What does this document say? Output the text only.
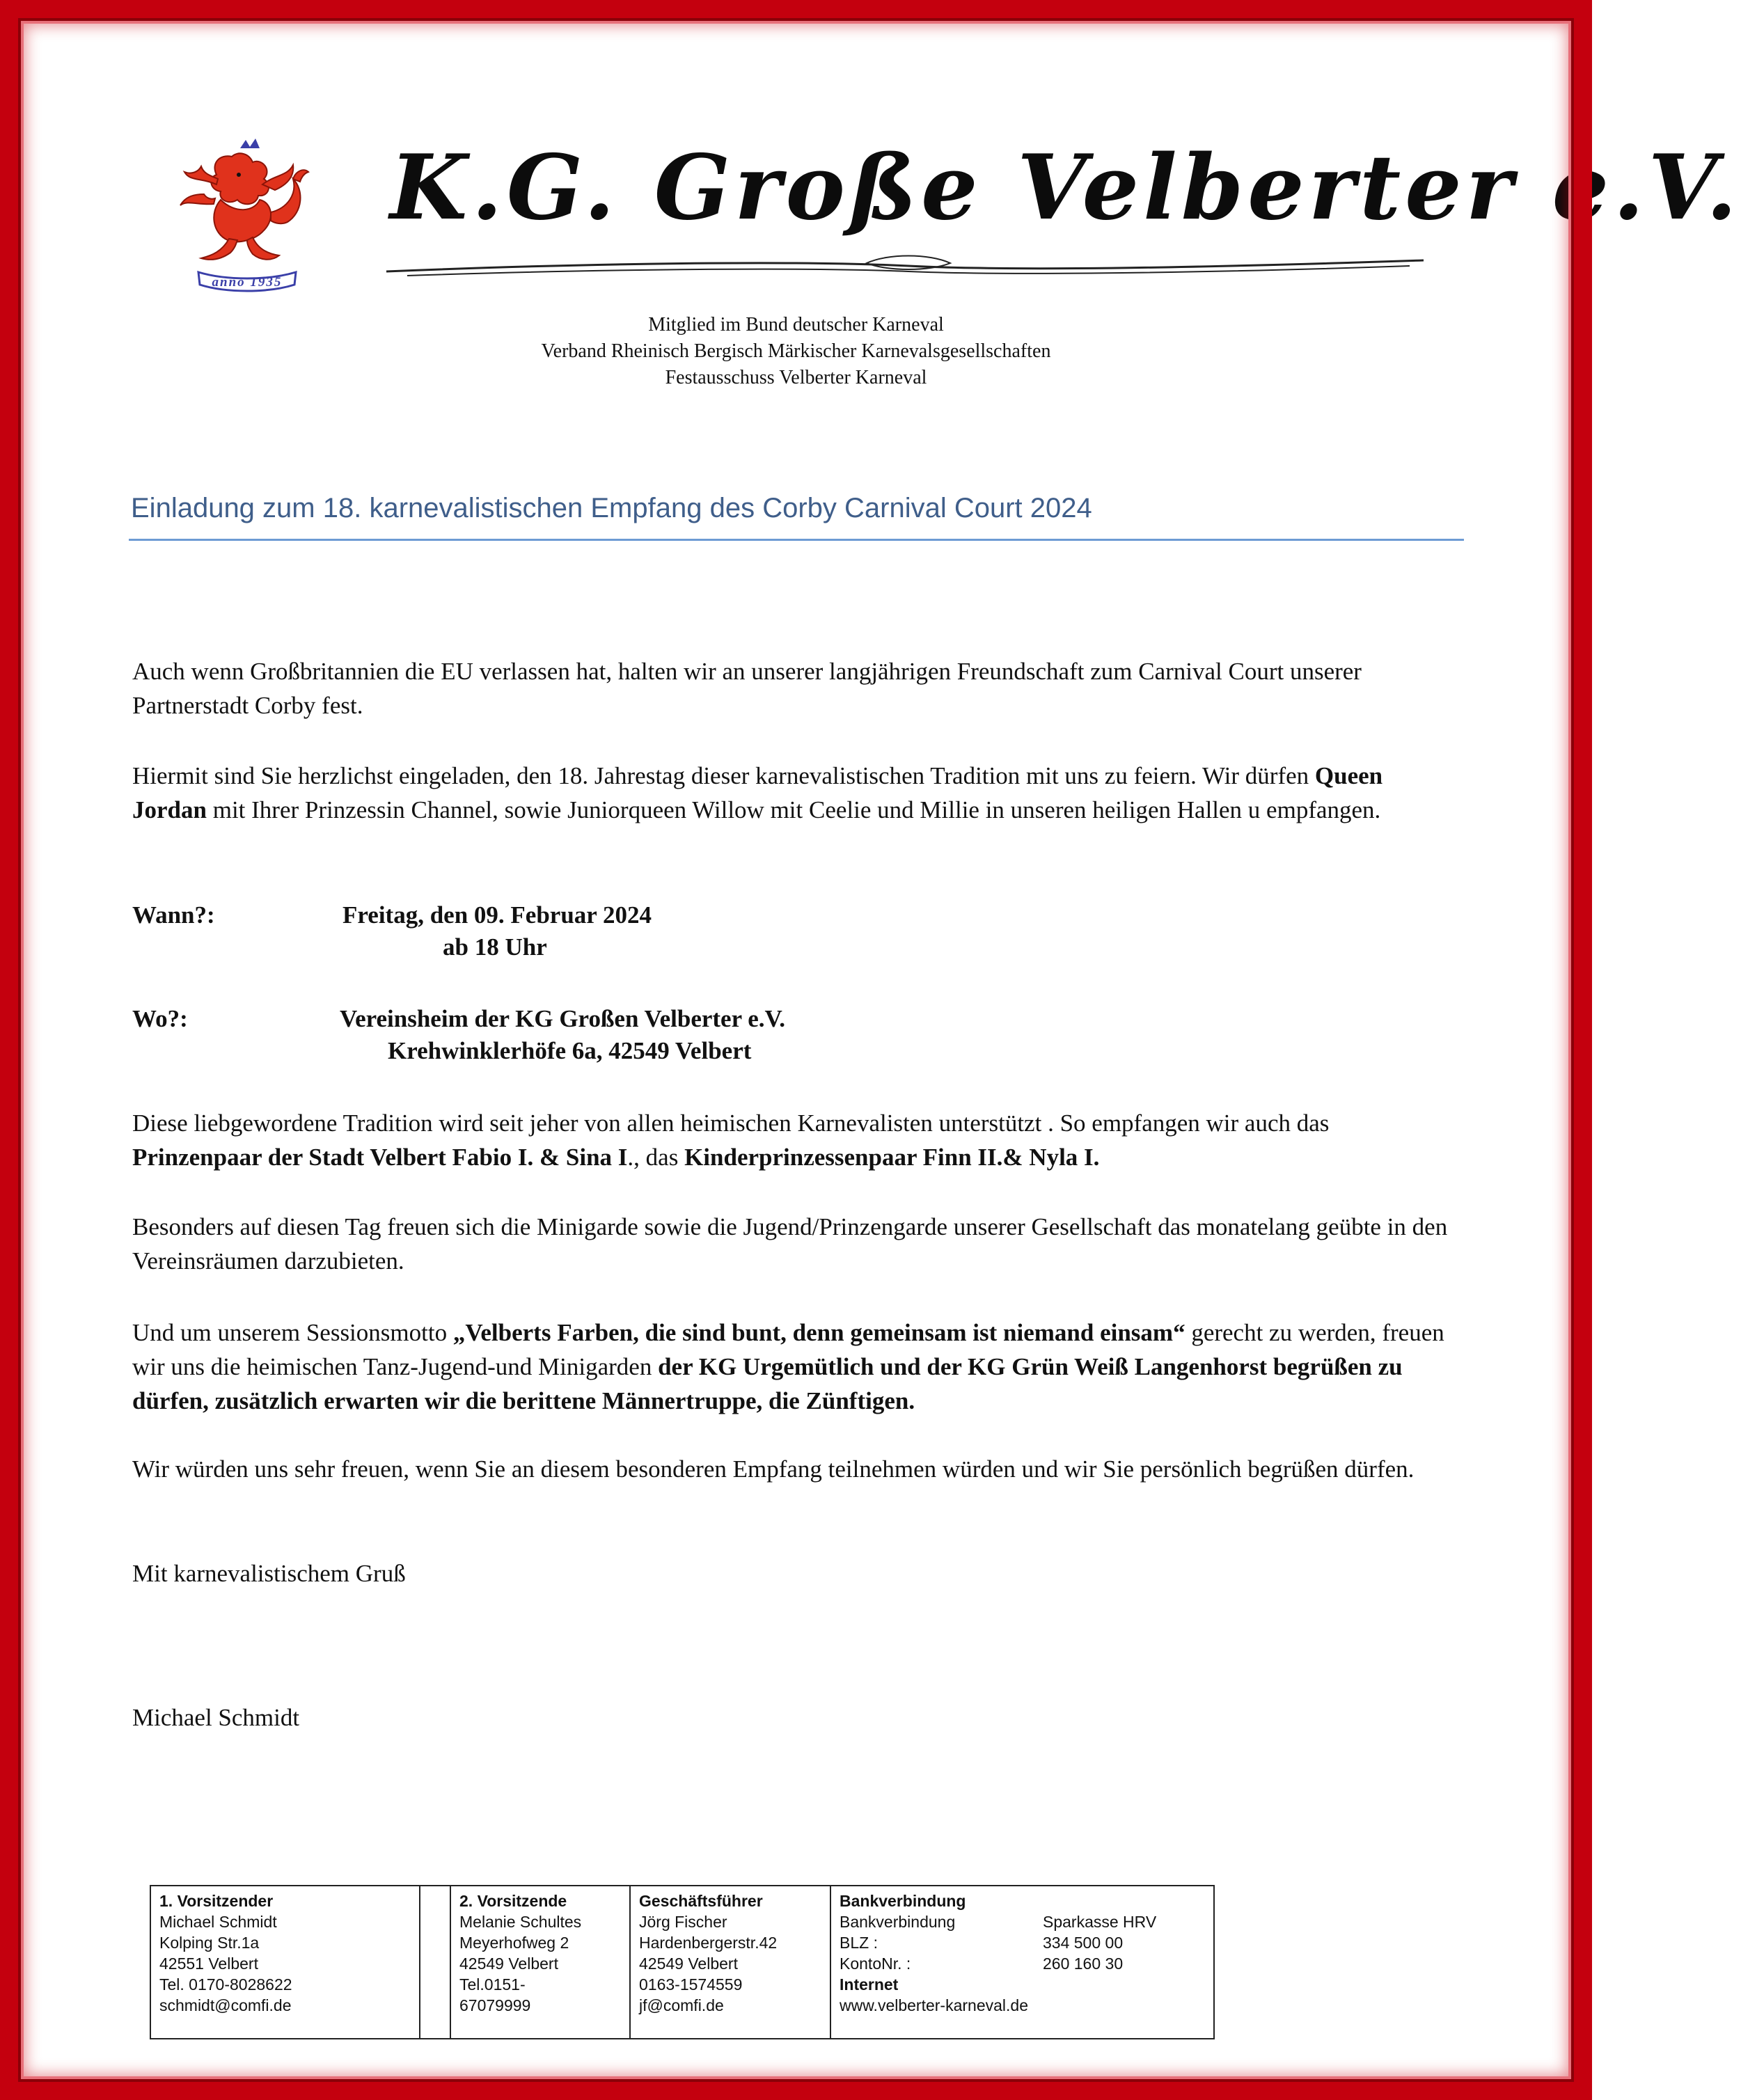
anno 1935
K.G. Große Velberter e.V.
Mitglied im Bund deutscher Karneval
Verband Rheinisch Bergisch Märkischer Karnevalsgesellschaften
Festausschuss Velberter Karneval
Einladung zum 18. karnevalistischen Empfang des Corby Carnival Court 2024

Auch wenn Großbritannien die EU verlassen hat, halten wir an unserer langjährigen Freundschaft zum Carnival Court unserer Partnerstadt Corby fest.

Hiermit sind Sie herzlichst eingeladen, den 18. Jahrestag dieser karnevalistischen Tradition mit uns zu feiern. Wir dürfen Queen Jordan mit Ihrer Prinzessin Channel, sowie Juniorqueen Willow mit Ceelie und Millie in unseren heiligen Hallen u empfangen.

Wann?:	Freitag, den 09. Februar 2024
ab 18 Uhr
Wo?:	Vereinsheim der KG Großen Velberter e.V.
Krehwinklerhöfe 6a, 42549 Velbert

Diese liebgewordene Tradition wird seit jeher von allen heimischen Karnevalisten unterstützt . So empfangen wir auch das Prinzenpaar der Stadt Velbert Fabio I. & Sina I., das Kinderprinzessenpaar Finn II.& Nyla I.

Besonders auf diesen Tag freuen sich die Minigarde sowie die Jugend/Prinzengarde unserer Gesellschaft das monatelang geübte in den Vereinsräumen darzubieten.

Und um unserem Sessionsmotto „Velberts Farben, die sind bunt, denn gemeinsam ist niemand einsam“ gerecht zu werden, freuen wir uns die heimischen Tanz-Jugend-und Minigarden der KG Urgemütlich und der KG Grün Weiß Langenhorst begrüßen zu dürfen, zusätzlich erwarten wir die berittene Männertruppe, die Zünftigen.

Wir würden uns sehr freuen, wenn Sie an diesem besonderen Empfang teilnehmen würden und wir Sie persönlich begrüßen dürfen.

Mit karnevalistischem Gruß

Michael Schmidt

1. Vorsitzender
Michael Schmidt
Kolping Str.1a
42551 Velbert
Tel. 0170-8028622
schmidt@comfi.de
2. Vorsitzende
Melanie Schultes
Meyerhofweg 2
42549 Velbert
Tel.0151-
67079999
Geschäftsführer
Jörg Fischer
Hardenbergerstr.42
42549 Velbert
0163-1574559
jf@comfi.de
Bankverbindung
Bankverbindung	Sparkasse HRV
BLZ :	334 500 00
KontoNr. :	260 160 30
Internet
www.velberter-karneval.de
